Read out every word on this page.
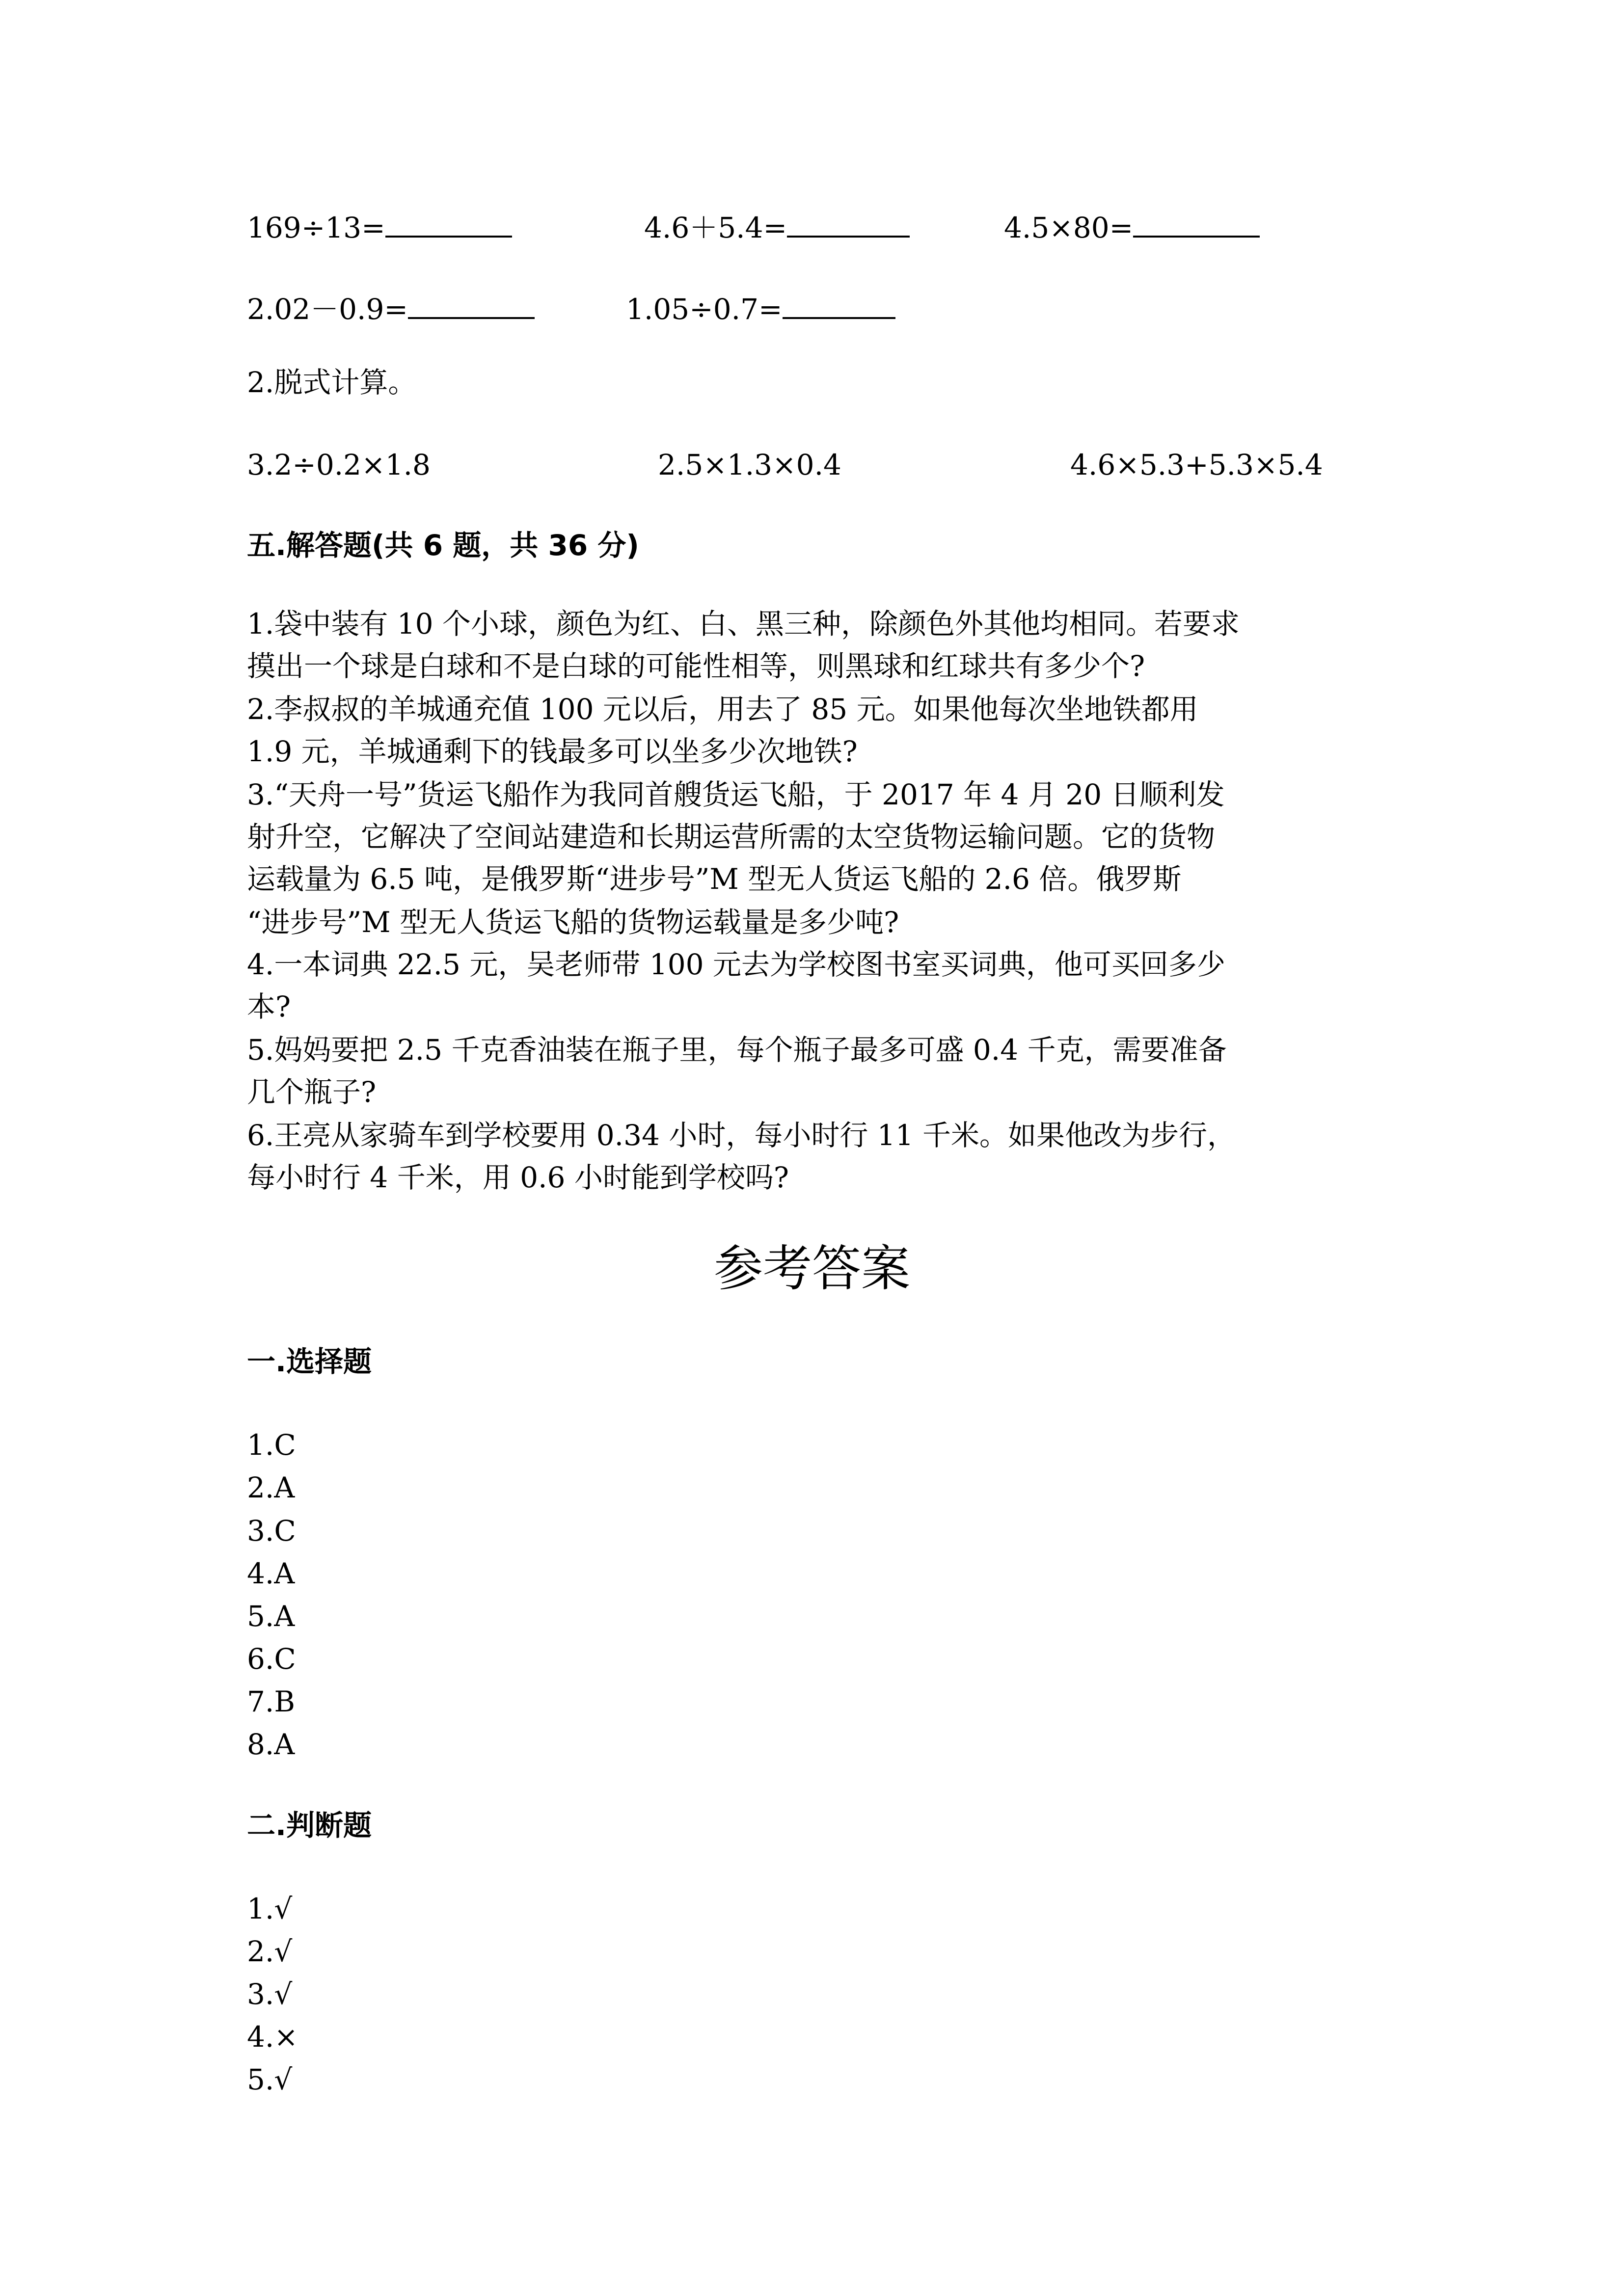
169÷13=	4.6＋5.4=	4.5×80=
2.02－0.9=	1.05÷0.7=
2.脱式计算。
3.2÷0.2×1.8	2.5×1.3×0.4	4.6×5.3+5.3×5.4
五.解答题(共 6 题，共 36 分)
1.袋中装有 10 个小球，颜色为红、白、黑三种，除颜色外其他均相同。若要求
摸出一个球是白球和不是白球的可能性相等，则黑球和红球共有多少个?
2.李叔叔的羊城通充值 100 元以后，用去了 85 元。如果他每次坐地铁都用
1.9 元，羊城通剩下的钱最多可以坐多少次地铁?
3.“天舟一号”货运飞船作为我同首艘货运飞船，于 2017 年 4 月 20 日顺利发
射升空，它解决了空间站建造和长期运营所需的太空货物运输问题。它的货物
运载量为 6.5 吨，是俄罗斯“进步号”M 型无人货运飞船的 2.6 倍。俄罗斯
“进步号”M 型无人货运飞船的货物运载量是多少吨?
4.一本词典 22.5 元，吴老师带 100 元去为学校图书室买词典，他可买回多少
本?
5.妈妈要把 2.5 千克香油装在瓶子里，每个瓶子最多可盛 0.4 千克，需要准备
几个瓶子?
6.王亮从家骑车到学校要用 0.34 小时，每小时行 11 千米。如果他改为步行，
每小时行 4 千米，用 0.6 小时能到学校吗?
参考答案
一.选择题
1.C
2.A
3.C
4.A
5.A
6.C
7.B
8.A
二.判断题
1.√
2.√
3.√
4.×
5.√
